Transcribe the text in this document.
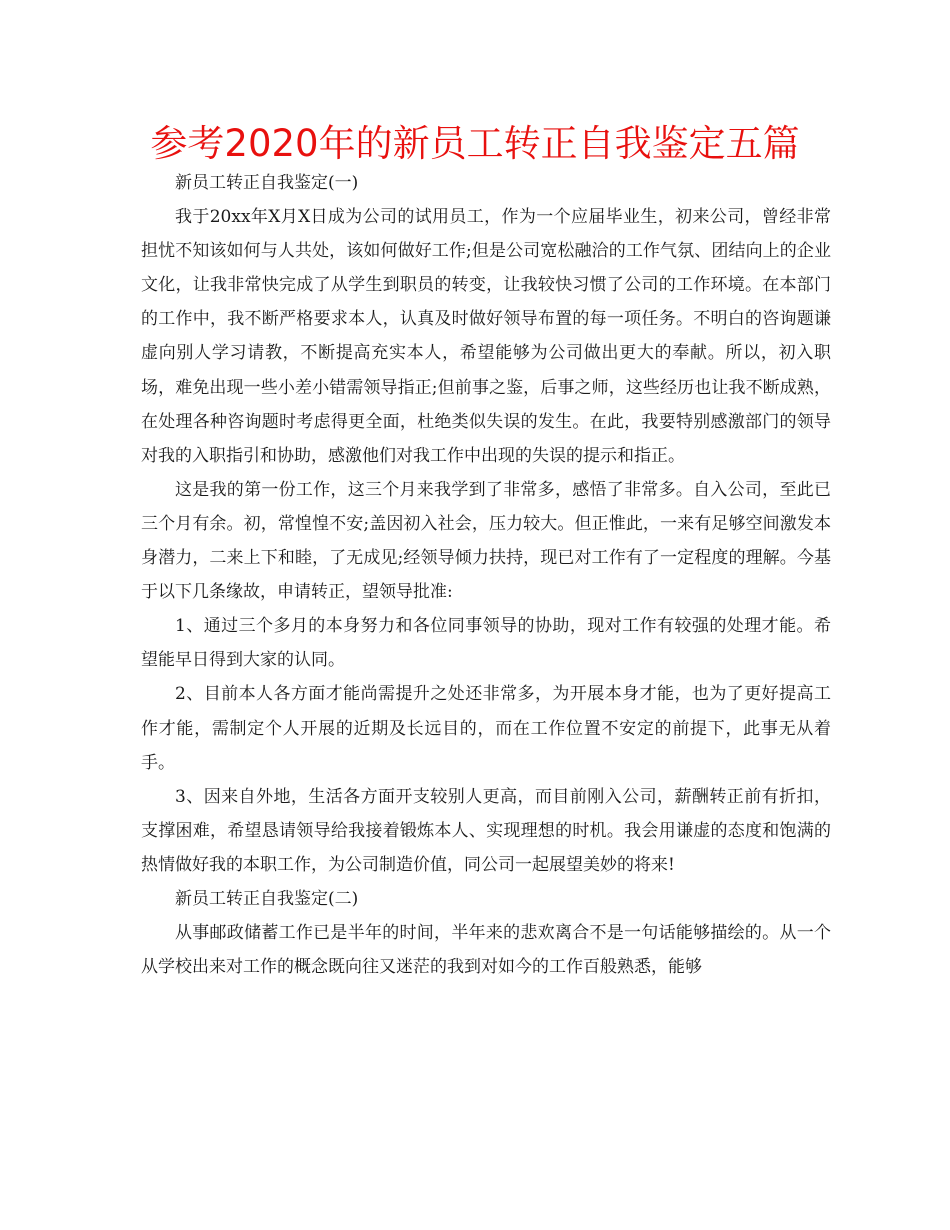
参考2020年的新员工转正自我鉴定五篇

新员工转正自我鉴定(一)

我于20xx年X月X日成为公司的试用员工，作为一个应届毕业生，初来公司，曾经非常担忧不知该如何与人共处，该如何做好工作;但是公司宽松融洽的工作气氛、团结向上的企业文化，让我非常快完成了从学生到职员的转变，让我较快习惯了公司的工作环境。在本部门的工作中，我不断严格要求本人，认真及时做好领导布置的每一项任务。不明白的咨询题谦虚向别人学习请教，不断提高充实本人，希望能够为公司做出更大的奉献。所以，初入职场，难免出现一些小差小错需领导指正;但前事之鉴，后事之师，这些经历也让我不断成熟，在处理各种咨询题时考虑得更全面，杜绝类似失误的发生。在此，我要特别感激部门的领导对我的入职指引和协助，感激他们对我工作中出现的失误的提示和指正。

这是我的第一份工作，这三个月来我学到了非常多，感悟了非常多。自入公司，至此已三个月有余。初，常惶惶不安;盖因初入社会，压力较大。但正惟此，一来有足够空间激发本身潜力，二来上下和睦，了无成见;经领导倾力扶持，现已对工作有了一定程度的理解。今基于以下几条缘故，申请转正，望领导批准:

1、通过三个多月的本身努力和各位同事领导的协助，现对工作有较强的处理才能。希望能早日得到大家的认同。

2、目前本人各方面才能尚需提升之处还非常多，为开展本身才能，也为了更好提高工作才能，需制定个人开展的近期及长远目的，而在工作位置不安定的前提下，此事无从着手。

3、因来自外地，生活各方面开支较别人更高，而目前刚入公司，薪酬转正前有折扣，支撑困难，希望恳请领导给我接着锻炼本人、实现理想的时机。我会用谦虚的态度和饱满的热情做好我的本职工作，为公司制造价值，同公司一起展望美妙的将来!

新员工转正自我鉴定(二)

从事邮政储蓄工作已是半年的时间，半年来的悲欢离合不是一句话能够描绘的。从一个从学校出来对工作的概念既向往又迷茫的我到对如今的工作百般熟悉，能够
